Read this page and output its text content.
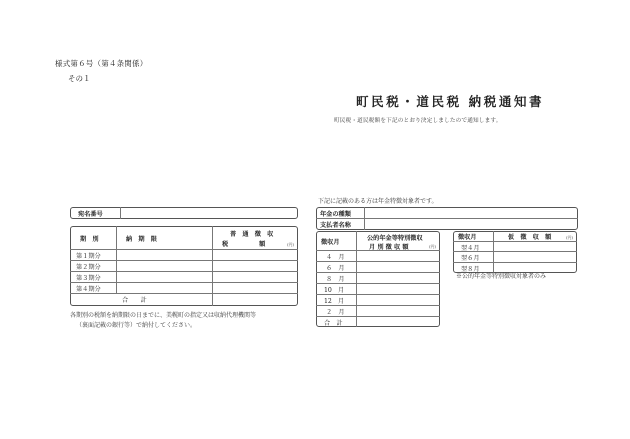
様式第６号（第４条関係）
その１
町民税・道民税 納税通知書
町民税・道民税額を下記のとおり決定しましたので通知します。
宛名番号
期　別	納　期　限
普　通　徴　収
税　　　　　額	(円)
第１期分
第２期分
第３期分
第４期分
合　　計
各期別の税額を納期限の日までに、美幌町の指定又は収納代理機関等
（裏面記載の銀行等）で納付してください。
下記に記載のある方は年金特徴対象者です。
年金の種類
支払者名称
徴収月
公的年金等特別徴収
月 別 徴 収 額	(円)
４　月
６　月
８　月
10　月
12　月
２　月
合　計
徴収月	仮　徴　収　額	(円)
翌４月
翌６月
翌８月
※公的年金等特別徴収対象者のみ
